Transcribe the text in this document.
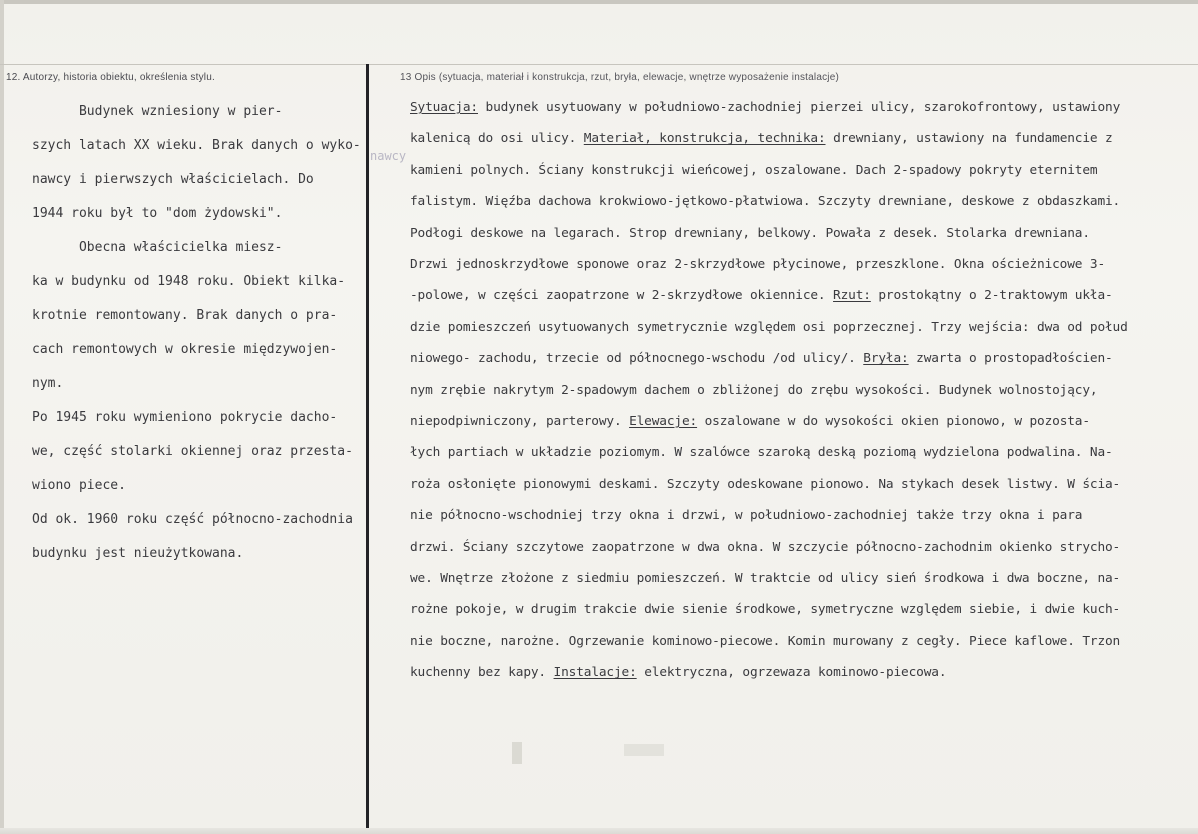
12. Autorzy, historia obiektu, określenia stylu.	13 Opis (sytuacja, materiał i konstrukcja, rzut, bryła, elewacje, wnętrze wyposażenie instalacje)
Budynek wzniesiony w pier-
szych latach XX wieku. Brak danych o wyko-
nawcy i pierwszych właścicielach. Do
1944 roku był to "dom żydowski".
Obecna właścicielka miesz-
ka w budynku od 1948 roku. Obiekt kilka-
krotnie remontowany. Brak danych o pra-
cach remontowych w okresie międzywojen-
nym.
Po 1945 roku wymieniono pokrycie dacho-
we, część stolarki okiennej oraz przesta-
wiono piece.
Od ok. 1960 roku część północno-zachodnia
budynku jest nieużytkowana.
nawcy
Sytuacja: budynek usytuowany w południowo-zachodniej pierzei ulicy, szarokofrontowy, ustawiony
kalenicą do osi ulicy. Materiał, konstrukcja, technika: drewniany, ustawiony na fundamencie z
kamieni polnych. Ściany konstrukcji wieńcowej, oszalowane. Dach 2-spadowy pokryty eternitem
falistym. Więźba dachowa krokwiowo-jętkowo-płatwiowa. Szczyty drewniane, deskowe z obdaszkami.
Podłogi deskowe na legarach. Strop drewniany, belkowy. Powała z desek. Stolarka drewniana.
Drzwi jednoskrzydłowe sponowe oraz 2-skrzydłowe płycinowe, przeszklone. Okna ościeżnicowe 3-
-polowe, w części zaopatrzone w 2-skrzydłowe okiennice. Rzut: prostokątny o 2-traktowym ukła-
dzie pomieszczeń usytuowanych symetrycznie względem osi poprzecznej. Trzy wejścia: dwa od połud
niowego- zachodu, trzecie od północnego-wschodu /od ulicy/. Bryła: zwarta o prostopadłościen-
nym zrębie nakrytym 2-spadowym dachem o zbliżonej do zrębu wysokości. Budynek wolnostojący,
niepodpiwniczony, parterowy. Elewacje: oszalowane w do wysokości okien pionowo, w pozosta-
łych partiach w układzie poziomym. W szalówce szaroką deską poziomą wydzielona podwalina. Na-
roża osłonięte pionowymi deskami. Szczyty odeskowane pionowo. Na stykach desek listwy. W ścia-
nie północno-wschodniej trzy okna i drzwi, w południowo-zachodniej także trzy okna i para
drzwi. Ściany szczytowe zaopatrzone w dwa okna. W szczycie północno-zachodnim okienko strycho-
we. Wnętrze złożone z siedmiu pomieszczeń. W traktcie od ulicy sień środkowa i dwa boczne, na-
rożne pokoje, w drugim trakcie dwie sienie środkowe, symetryczne względem siebie, i dwie kuch-
nie boczne, narożne. Ogrzewanie kominowo-piecowe. Komin murowany z cegły. Piece kaflowe. Trzon
kuchenny bez kapy. Instalacje: elektryczna, ogrzewaza kominowo-piecowa.
